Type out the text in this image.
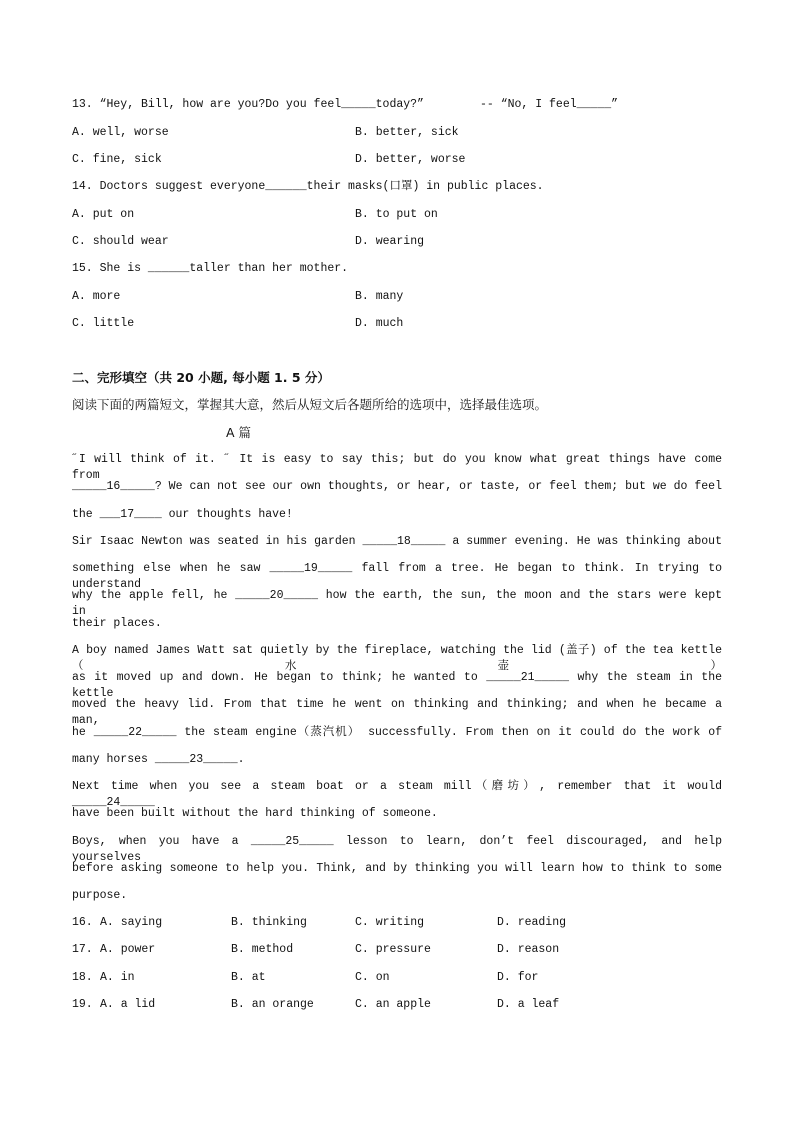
13. “Hey, Bill, how are you?Do you feel_____today?”	-- “No, I feel_____”
A. well, worse	B. better, sick
C. fine, sick	D. better, worse
14. Doctors suggest everyone______their masks(口罩) in public places.
A. put on	B. to put on
C. should wear	D. wearing
15. She is ______taller than her mother.
A. more	B. many
C. little	D. much
二、完形填空（共 20 小题, 每小题 1. 5 分）
阅读下面的两篇短文，掌握其大意，然后从短文后各题所给的选项中，选择最佳选项。
A 篇
˝I will think of it. ˝ It is easy to say this; but do you know what great things have come from
_____16_____? We can not see our own thoughts, or hear, or taste, or feel them; but we do feel
the ___17____ our thoughts have!
Sir Isaac Newton was seated in his garden _____18_____ a summer evening. He was thinking about
something else when he saw _____19_____ fall from a tree. He began to think. In trying to understand
why the apple fell, he _____20_____ how the earth, the sun, the moon and the stars were kept in
their places.
A boy named James Watt sat quietly by the fireplace, watching the lid (盖子) of the tea kettle（水壶）
as it moved up and down. He began to think; he wanted to _____21_____ why the steam in the kettle
moved the heavy lid. From that time he went on thinking and thinking; and when he became a man,
he _____22_____ the steam engine（蒸汽机） successfully. From then on it could do the work of
many horses _____23_____.
Next time when you see a steam boat or a steam mill（磨坊）, remember that it would _____24_____
have been built without the hard thinking of someone.
Boys, when you have a _____25_____ lesson to learn, don’t feel discouraged, and help yourselves
before asking someone to help you. Think, and by thinking you will learn how to think to some
purpose.
16. A. saying	B. thinking	C. writing	D. reading
17. A. power	B. method	C. pressure	D. reason
18. A. in	B. at	C. on	D. for
19. A. a lid	B. an orange	C. an apple	D. a leaf
